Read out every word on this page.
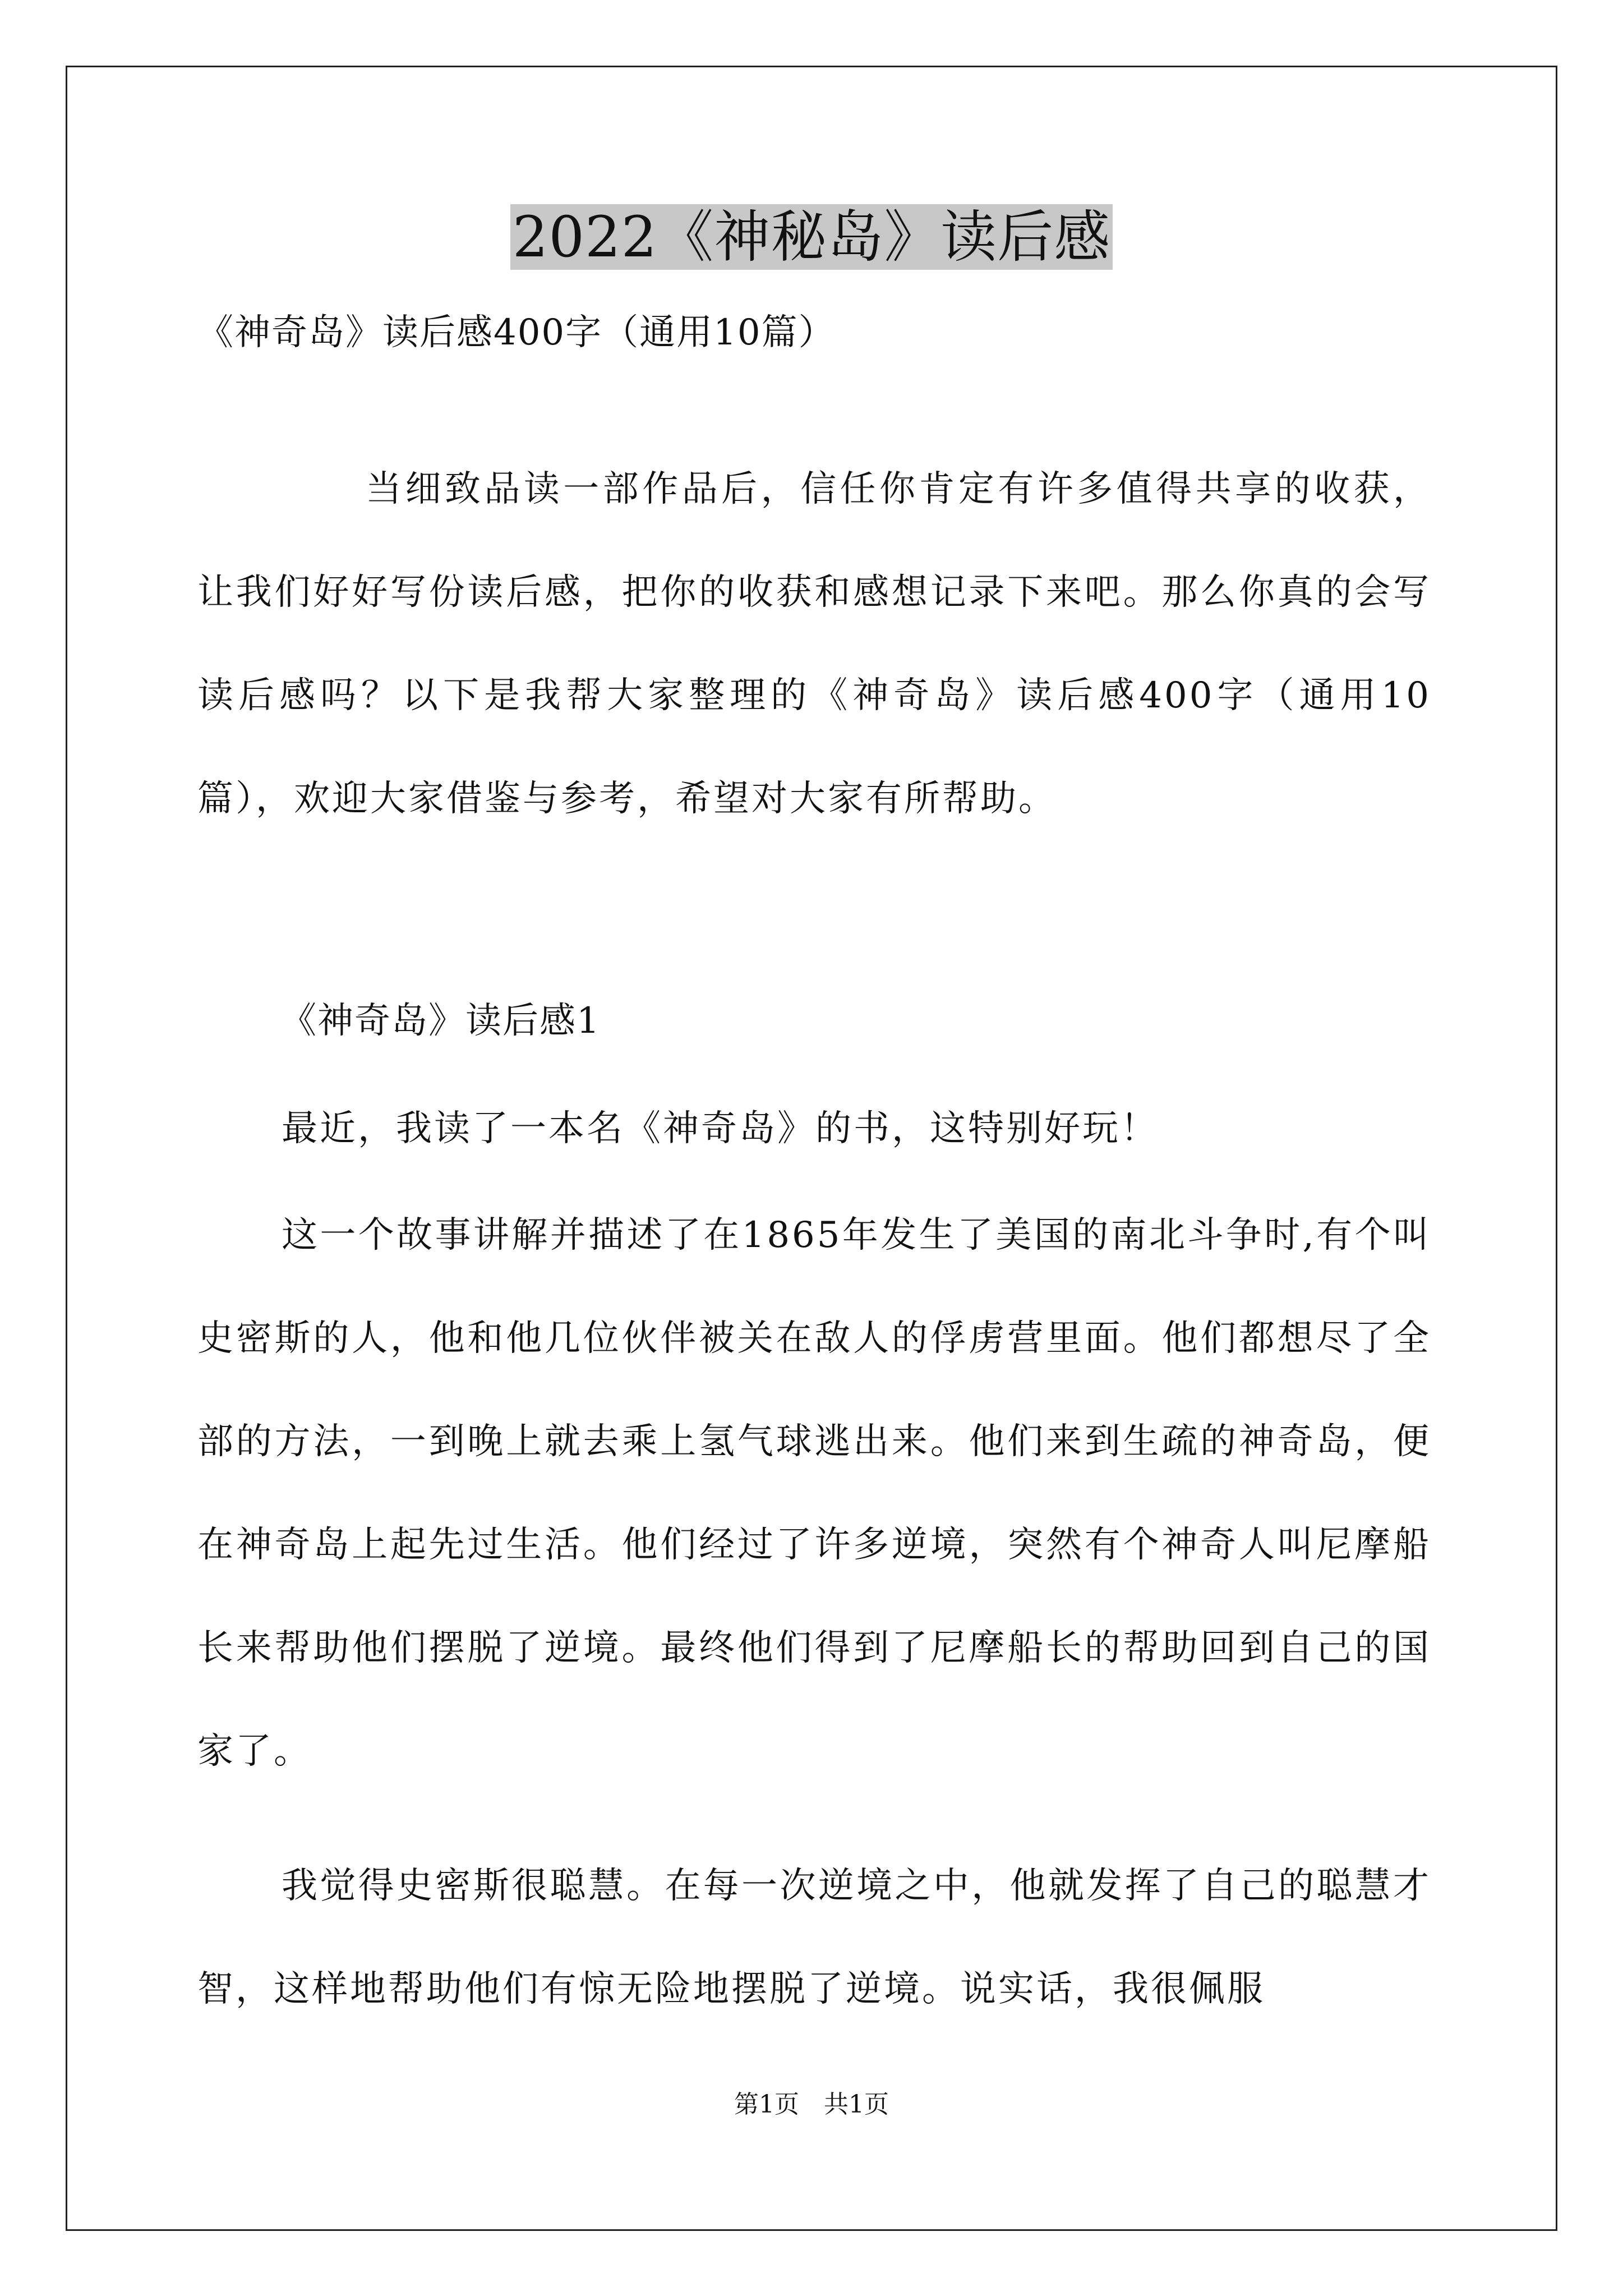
2022《神秘岛》读后感
《神奇岛》读后感400字（通用10篇）
当细致品读一部作品后，信任你肯定有许多值得共享的收获，让我们好好写份读后感，把你的收获和感想记录下来吧。那么你真的会写读后感吗？以下是我帮大家整理的《神奇岛》读后感400字（通用10篇），欢迎大家借鉴与参考，希望对大家有所帮助。
《神奇岛》读后感1
最近，我读了一本名《神奇岛》的书，这特别好玩！
这一个故事讲解并描述了在1865年发生了美国的南北斗争时,有个叫史密斯的人，他和他几位伙伴被关在敌人的俘虏营里面。他们都想尽了全部的方法，一到晚上就去乘上氢气球逃出来。他们来到生疏的神奇岛，便在神奇岛上起先过生活。他们经过了许多逆境，突然有个神奇人叫尼摩船长来帮助他们摆脱了逆境。最终他们得到了尼摩船长的帮助回到自己的国家了。
我觉得史密斯很聪慧。在每一次逆境之中，他就发挥了自己的聪慧才智，这样地帮助他们有惊无险地摆脱了逆境。说实话，我很佩服
第1页　共1页
